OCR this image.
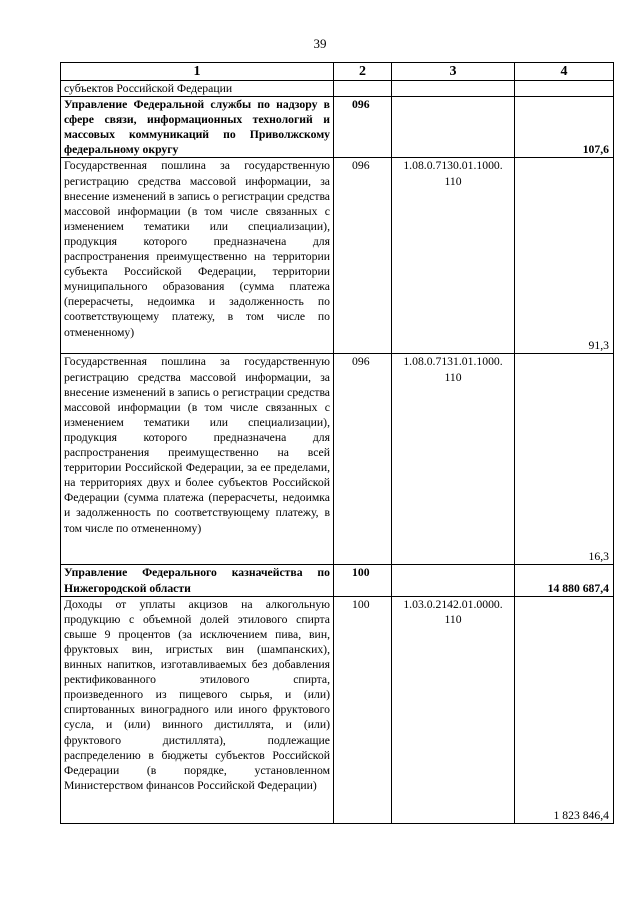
39
1	2	3	4
субъектов Российской Федерации			

Управление Федеральной службы по надзору в сфере связи, информационных технологий и массовых коммуникаций по Приволжскому федеральному округу	096		107,6

Государственная пошлина за государственную регистрацию средства массовой информации, за внесение изменений в запись о регистрации средства массовой информации (в том числе связанных с изменением тематики или специализации), продукция которого предназначена для распространения преимущественно на территории субъекта Российской Федерации, территории муниципального образования (сумма платежа (перерасчеты, недоимка и задолженность по соответствующему платежу, в том числе по отмененному)	096	1.08.0.7130.01.1000. 110	91,3

Государственная пошлина за государственную регистрацию средства массовой информации, за внесение изменений в запись о регистрации средства массовой информации (в том числе связанных с изменением тематики или специализации), продукция которого предназначена для распространения преимущественно на всей территории Российской Федерации, за ее пределами, на территориях двух и более субъектов Российской Федерации (сумма платежа (перерасчеты, недоимка и задолженность по соответствующему платежу, в том числе по отмененному)	096	1.08.0.7131.01.1000. 110	16,3

Управление Федерального казначейства по Нижегородской области	100		14 880 687,4

Доходы от уплаты акцизов на алкогольную продукцию с объемной долей этилового спирта свыше 9 процентов (за исключением пива, вин, фруктовых вин, игристых вин (шампанских), винных напитков, изготавливаемых без добавления ректификованного этилового спирта, произведенного из пищевого сырья, и (или) спиртованных виноградного или иного фруктового сусла, и (или) винного дистиллята, и (или) фруктового дистиллята), подлежащие распределению в бюджеты субъектов Российской Федерации (в порядке, установленном Министерством финансов Российской Федерации)	100	1.03.0.2142.01.0000. 110	1 823 846,4
